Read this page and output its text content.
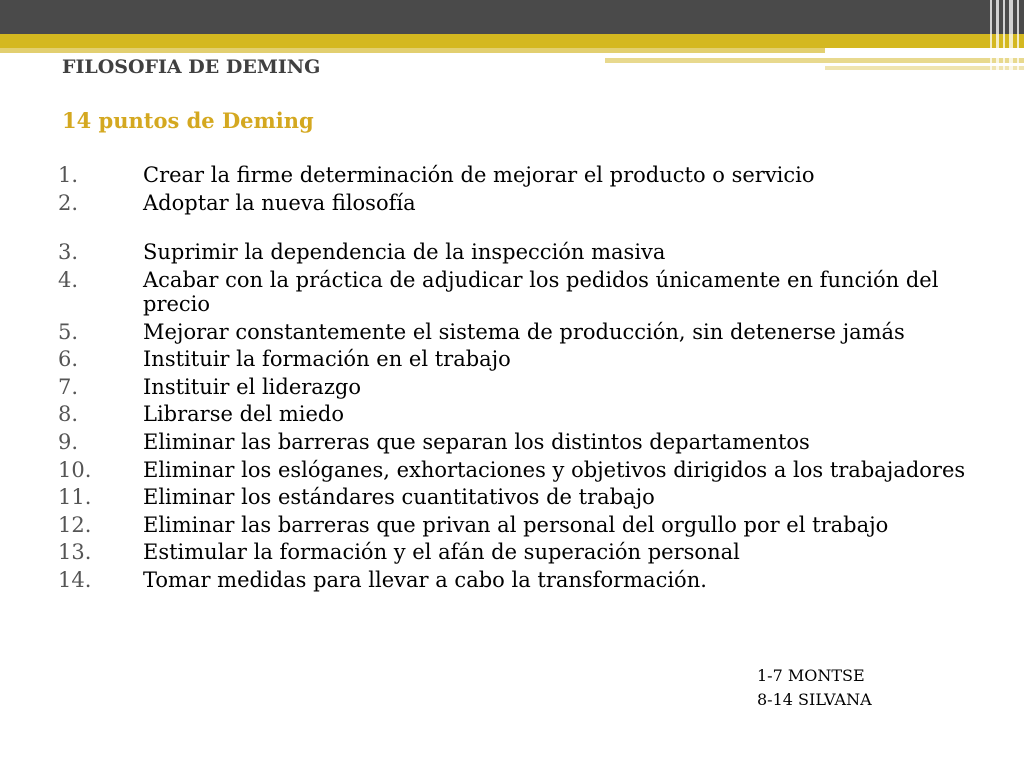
FILOSOFIA DE DEMING
14 puntos de Deming
1.	Crear la firme determinación de mejorar el producto o servicio
2.	Adoptar la nueva filosofía
3.	Suprimir la dependencia de la inspección masiva
4.	Acabar con la práctica de adjudicar los pedidos únicamente en función del precio
5.	Mejorar constantemente el sistema de producción, sin detenerse jamás
6.	Instituir la formación en el trabajo
7.	Instituir el liderazgo
8.	Librarse del miedo
9.	Eliminar las barreras que separan los distintos departamentos
10.	Eliminar los eslóganes, exhortaciones y objetivos dirigidos a los trabajadores
11.	Eliminar los estándares cuantitativos de trabajo
12.	Eliminar las barreras que privan al personal del orgullo por el trabajo
13.	Estimular la formación y el afán de superación personal
14.	Tomar medidas para llevar a cabo la transformación.
1-7 MONTSE
8-14 SILVANA
